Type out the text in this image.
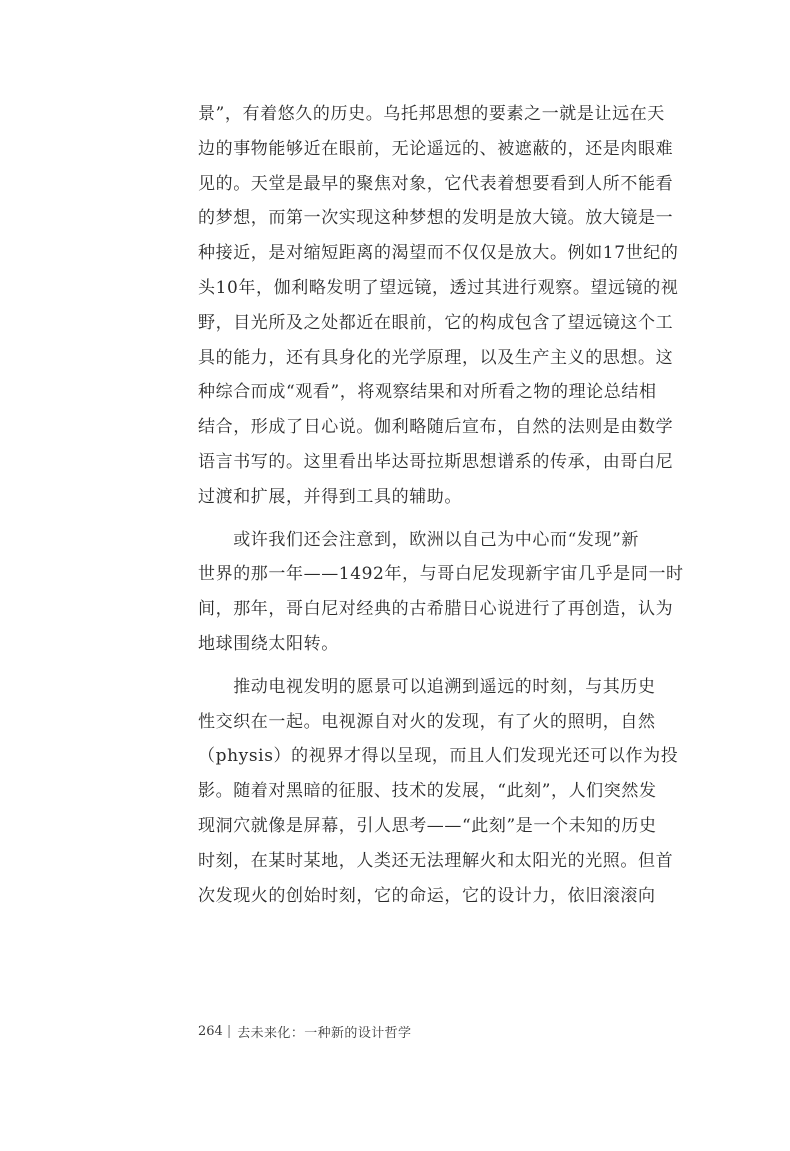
景”，有着悠久的历史。乌托邦思想的要素之一就是让远在天
边的事物能够近在眼前，无论遥远的、被遮蔽的，还是肉眼难
见的。天堂是最早的聚焦对象，它代表着想要看到人所不能看
的梦想，而第一次实现这种梦想的发明是放大镜。放大镜是一
种接近，是对缩短距离的渴望而不仅仅是放大。例如17世纪的
头10年，伽利略发明了望远镜，透过其进行观察。望远镜的视
野，目光所及之处都近在眼前，它的构成包含了望远镜这个工
具的能力，还有具身化的光学原理，以及生产主义的思想。这
种综合而成“观看”，将观察结果和对所看之物的理论总结相
结合，形成了日心说。伽利略随后宣布，自然的法则是由数学
语言书写的。这里看出毕达哥拉斯思想谱系的传承，由哥白尼
过渡和扩展，并得到工具的辅助。
　　或许我们还会注意到，欧洲以自己为中心而“发现”新
世界的那一年——1492年，与哥白尼发现新宇宙几乎是同一时
间，那年，哥白尼对经典的古希腊日心说进行了再创造，认为
地球围绕太阳转。
　　推动电视发明的愿景可以追溯到遥远的时刻，与其历史
性交织在一起。电视源自对火的发现，有了火的照明，自然
（physis）的视界才得以呈现，而且人们发现光还可以作为投
影。随着对黑暗的征服、技术的发展，“此刻”，人们突然发
现洞穴就像是屏幕，引人思考——“此刻”是一个未知的历史
时刻，在某时某地，人类还无法理解火和太阳光的光照。但首
次发现火的创始时刻，它的命运，它的设计力，依旧滚滚向
264 | 去未来化：一种新的设计哲学
